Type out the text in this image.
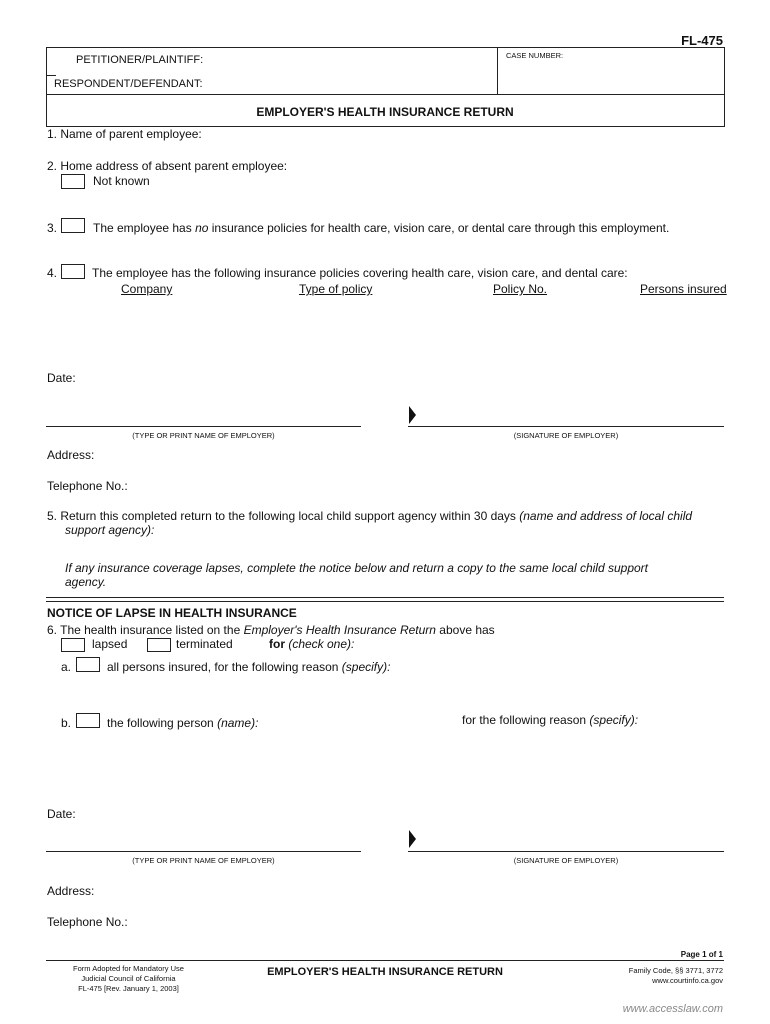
FL-475
PETITIONER/PLAINTIFF:
RESPONDENT/DEFENDANT:
CASE NUMBER:
EMPLOYER'S HEALTH INSURANCE RETURN
1. Name of parent employee:
2. Home address of absent parent employee:
Not known
3.	The employee has no insurance policies for health care, vision care, or dental care through this employment.
4.	The employee has the following insurance policies covering health care, vision care, and dental care:
Company	Type of policy	Policy No.	Persons insured
Date:
(TYPE OR PRINT NAME OF EMPLOYER)	(SIGNATURE OF EMPLOYER)
Address:
Telephone No.:
5. Return this completed return to the following local child support agency within 30 days (name and address of local child
support agency):
If any insurance coverage lapses, complete the notice below and return a copy to the same local child support
agency.
NOTICE OF LAPSE IN HEALTH INSURANCE
6. The health insurance listed on the Employer's Health Insurance Return above has
lapsed	terminated	for (check one):
a.	all persons insured, for the following reason (specify):
b.	the following person (name):	for the following reason (specify):
Date:
(TYPE OR PRINT NAME OF EMPLOYER)	(SIGNATURE OF EMPLOYER)
Address:
Telephone No.:
Page 1 of 1
Form Adopted for Mandatory Use
Judicial Council of California
FL-475 [Rev. January 1, 2003]
EMPLOYER'S HEALTH INSURANCE RETURN	Family Code, §§ 3771, 3772
www.courtinfo.ca.gov
www.accesslaw.com
